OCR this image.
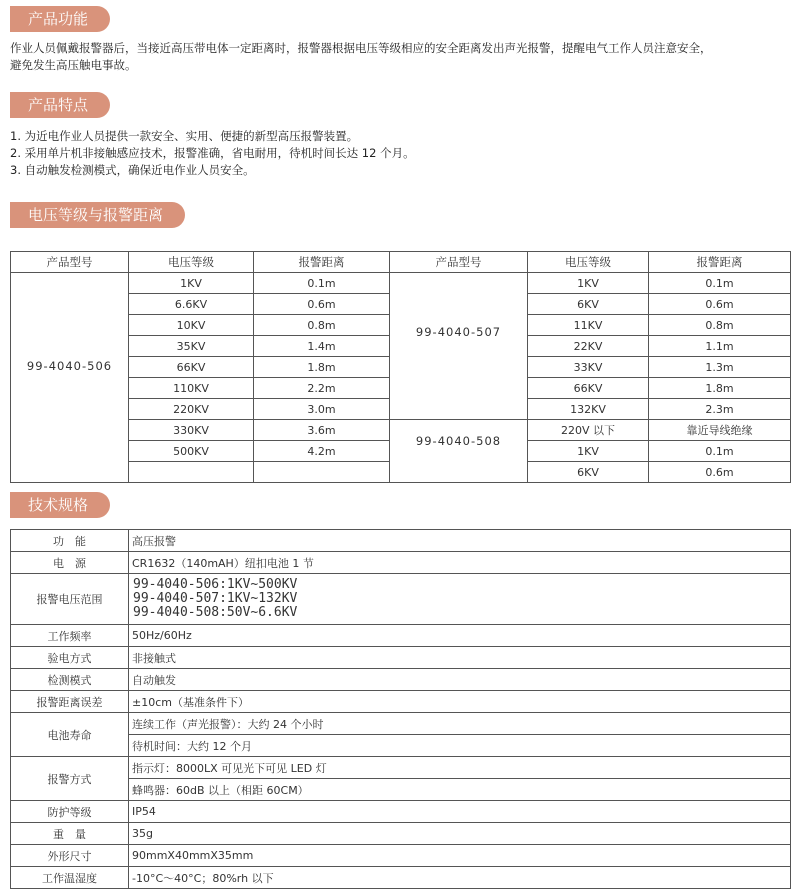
产品功能
作业人员佩戴报警器后，当接近高压带电体一定距离时，报警器根据电压等级相应的安全距离发出声光报警，提醒电气工作人员注意安全，
避免发生高压触电事故。
产品特点
1. 为近电作业人员提供一款安全、实用、便捷的新型高压报警装置。
2. 采用单片机非接触感应技术，报警准确，省电耐用，待机时间长达 12 个月。
3. 自动触发检测模式，确保近电作业人员安全。
电压等级与报警距离
产品型号	电压等级	报警距离	产品型号	电压等级	报警距离
99-4040-506	1KV	0.1m	99-4040-507	1KV	0.1m
	6.6KV	0.6m		6KV	0.6m
	10KV	0.8m		11KV	0.8m
	35KV	1.4m		22KV	1.1m
	66KV	1.8m		33KV	1.3m
	110KV	2.2m		66KV	1.8m
	220KV	3.0m		132KV	2.3m
	330KV	3.6m	99-4040-508	220V 以下	靠近导线绝缘
	500KV	4.2m		1KV	0.1m
				6KV	0.6m
技术规格
功　能	高压报警
电　源	CR1632（140mAH）纽扣电池 1 节
报警电压范围	99-4040-506:1KV~500KV
99-4040-507:1KV~132KV
99-4040-508:50V~6.6KV

工作频率	50Hz/60Hz
验电方式	非接触式
检测模式	自动触发
报警距离误差	±10cm（基准条件下）
电池寿命	连续工作（声光报警）：大约 24 个小时
	待机时间：大约 12 个月
报警方式	指示灯：8000LX 可见光下可见 LED 灯
	蜂鸣器：60dB 以上（相距 60CM）
防护等级	IP54
重　量	35g
外形尺寸	90mmX40mmX35mm
工作温湿度	-10°C～40°C；80%rh 以下
